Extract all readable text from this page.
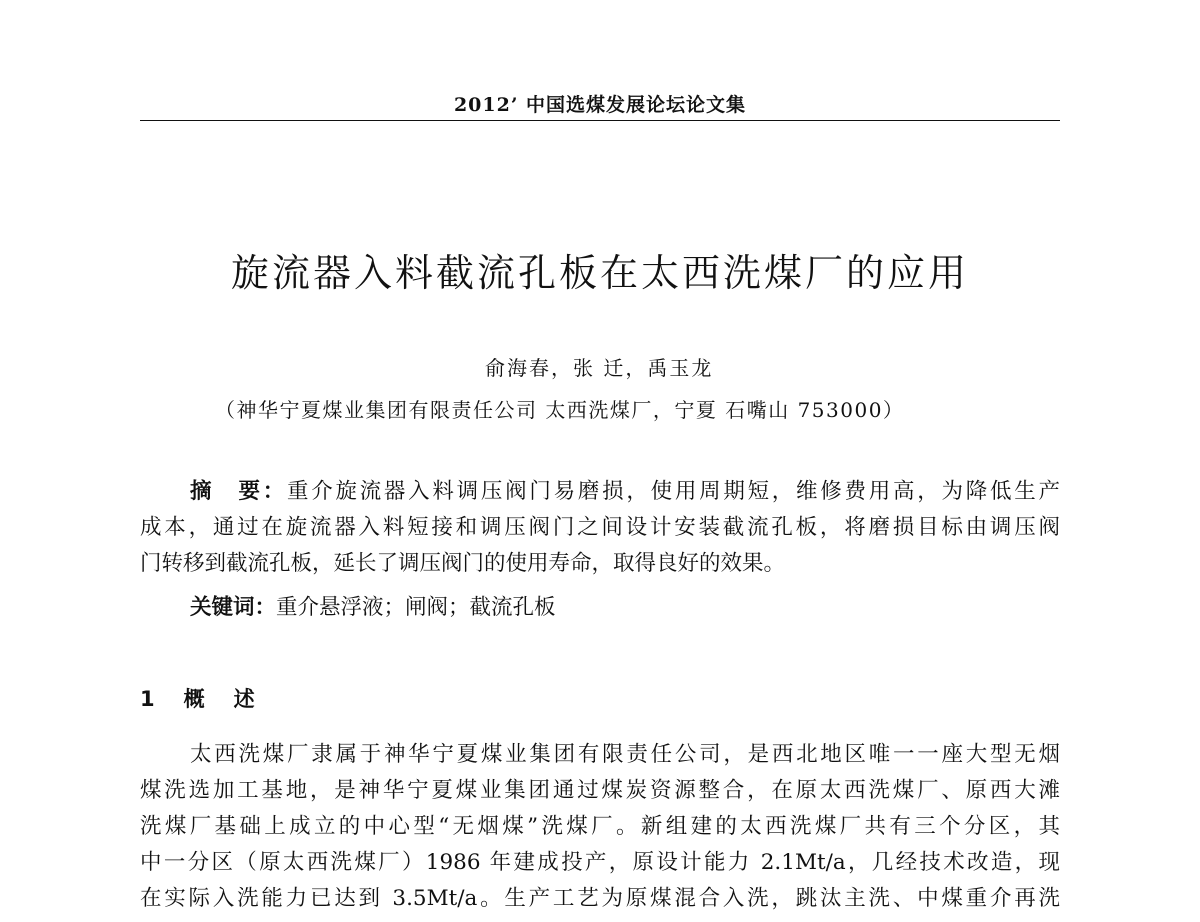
2012’ 中国选煤发展论坛论文集
旋流器入料截流孔板在太西洗煤厂的应用
俞海春，张 迁，禹玉龙
（神华宁夏煤业集团有限责任公司 太西洗煤厂，宁夏 石嘴山 753000）
摘　要：重介旋流器入料调压阀门易磨损，使用周期短，维修费用高，为降低生产
成本，通过在旋流器入料短接和调压阀门之间设计安装截流孔板，将磨损目标由调压阀
门转移到截流孔板，延长了调压阀门的使用寿命，取得良好的效果。
关键词：重介悬浮液；闸阀；截流孔板
1　概　述
太西洗煤厂隶属于神华宁夏煤业集团有限责任公司，是西北地区唯一一座大型无烟
煤洗选加工基地，是神华宁夏煤业集团通过煤炭资源整合，在原太西洗煤厂、原西大滩
洗煤厂基础上成立的中心型“无烟煤”洗煤厂。新组建的太西洗煤厂共有三个分区，其
中一分区（原太西洗煤厂）1986 年建成投产，原设计能力 2.1Mt/a，几经技术改造，现
在实际入洗能力已达到 3.5Mt/a。生产工艺为原煤混合入洗，跳汰主洗、中煤重介再洗
